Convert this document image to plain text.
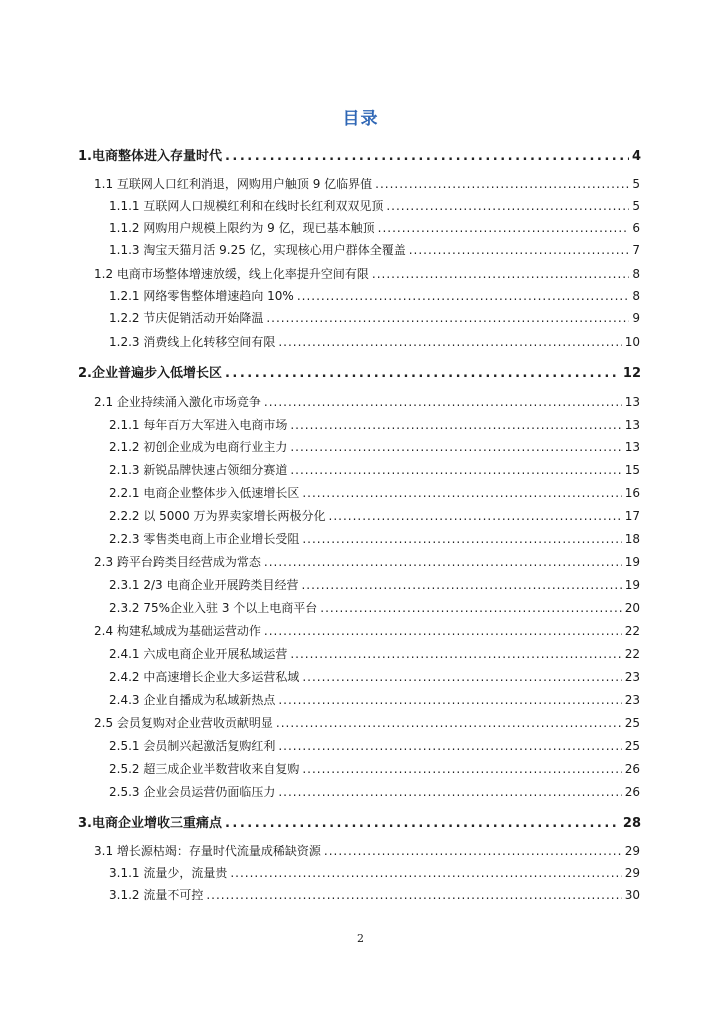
目录
1.电商整体进入存量时代 .....	4
1.1 互联网人口红利消退，网购用户触顶 9 亿临界值 .....	5
1.1.1 互联网人口规模红利和在线时长红利双双见顶 .....	5
1.1.2 网购用户规模上限约为 9 亿，现已基本触顶 .....	6
1.1.3 淘宝天猫月活 9.25 亿，实现核心用户群体全覆盖 .....	7
1.2 电商市场整体增速放缓，线上化率提升空间有限 .....	8
1.2.1 网络零售整体增速趋向 10% .....	8
1.2.2 节庆促销活动开始降温 .....	9
1.2.3 消费线上化转移空间有限 .....	10
2.企业普遍步入低增长区 .....	12
2.1 企业持续涌入激化市场竞争 .....	13
2.1.1 每年百万大军进入电商市场 .....	13
2.1.2 初创企业成为电商行业主力 .....	13
2.1.3 新锐品牌快速占领细分赛道 .....	15
2.2.1 电商企业整体步入低速增长区 .....	16
2.2.2 以 5000 万为界卖家增长两极分化 .....	17
2.2.3 零售类电商上市企业增长受阻 .....	18
2.3 跨平台跨类目经营成为常态 .....	19
2.3.1 2/3 电商企业开展跨类目经营 .....	19
2.3.2 75%企业入驻 3 个以上电商平台 .....	20
2.4 构建私域成为基础运营动作 .....	22
2.4.1 六成电商企业开展私域运营 .....	22
2.4.2 中高速增长企业大多运营私域 .....	23
2.4.3 企业自播成为私域新热点 .....	23
2.5 会员复购对企业营收贡献明显 .....	25
2.5.1 会员制兴起激活复购红利 .....	25
2.5.2 超三成企业半数营收来自复购 .....	26
2.5.3 企业会员运营仍面临压力 .....	26
3.电商企业增收三重痛点 .....	28
3.1 增长源枯竭：存量时代流量成稀缺资源 .....	29
3.1.1 流量少，流量贵 .....	29
3.1.2 流量不可控 .....	30
2
